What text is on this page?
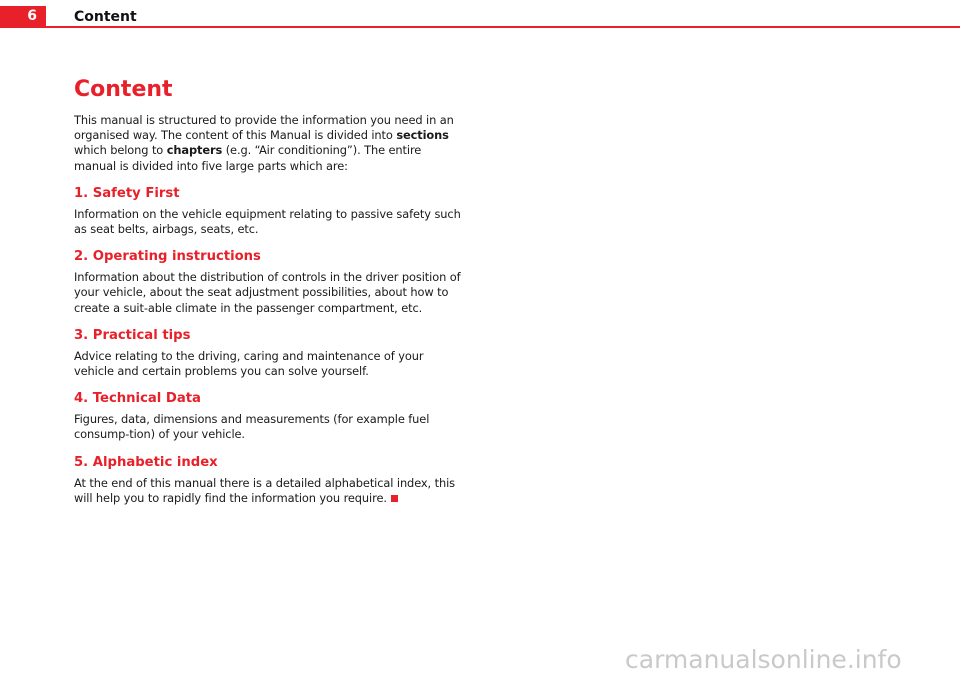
6	Content
Content

This manual is structured to provide the information you need in an organised way. The content of this Manual is divided into sections which belong to chapters (e.g. “Air conditioning”). The entire manual is divided into five large parts which are:

1. Safety First

Information on the vehicle equipment relating to passive safety such as seat belts, airbags, seats, etc.

2. Operating instructions

Information about the distribution of controls in the driver position of your vehicle, about the seat adjustment possibilities, about how to create a suit-able climate in the passenger compartment, etc.

3. Practical tips

Advice relating to the driving, caring and maintenance of your vehicle and certain problems you can solve yourself.

4. Technical Data

Figures, data, dimensions and measurements (for example fuel consump-tion) of your vehicle.

5. Alphabetic index

At the end of this manual there is a detailed alphabetical index, this will help you to rapidly find the information you require.

carmanualsonline.info
